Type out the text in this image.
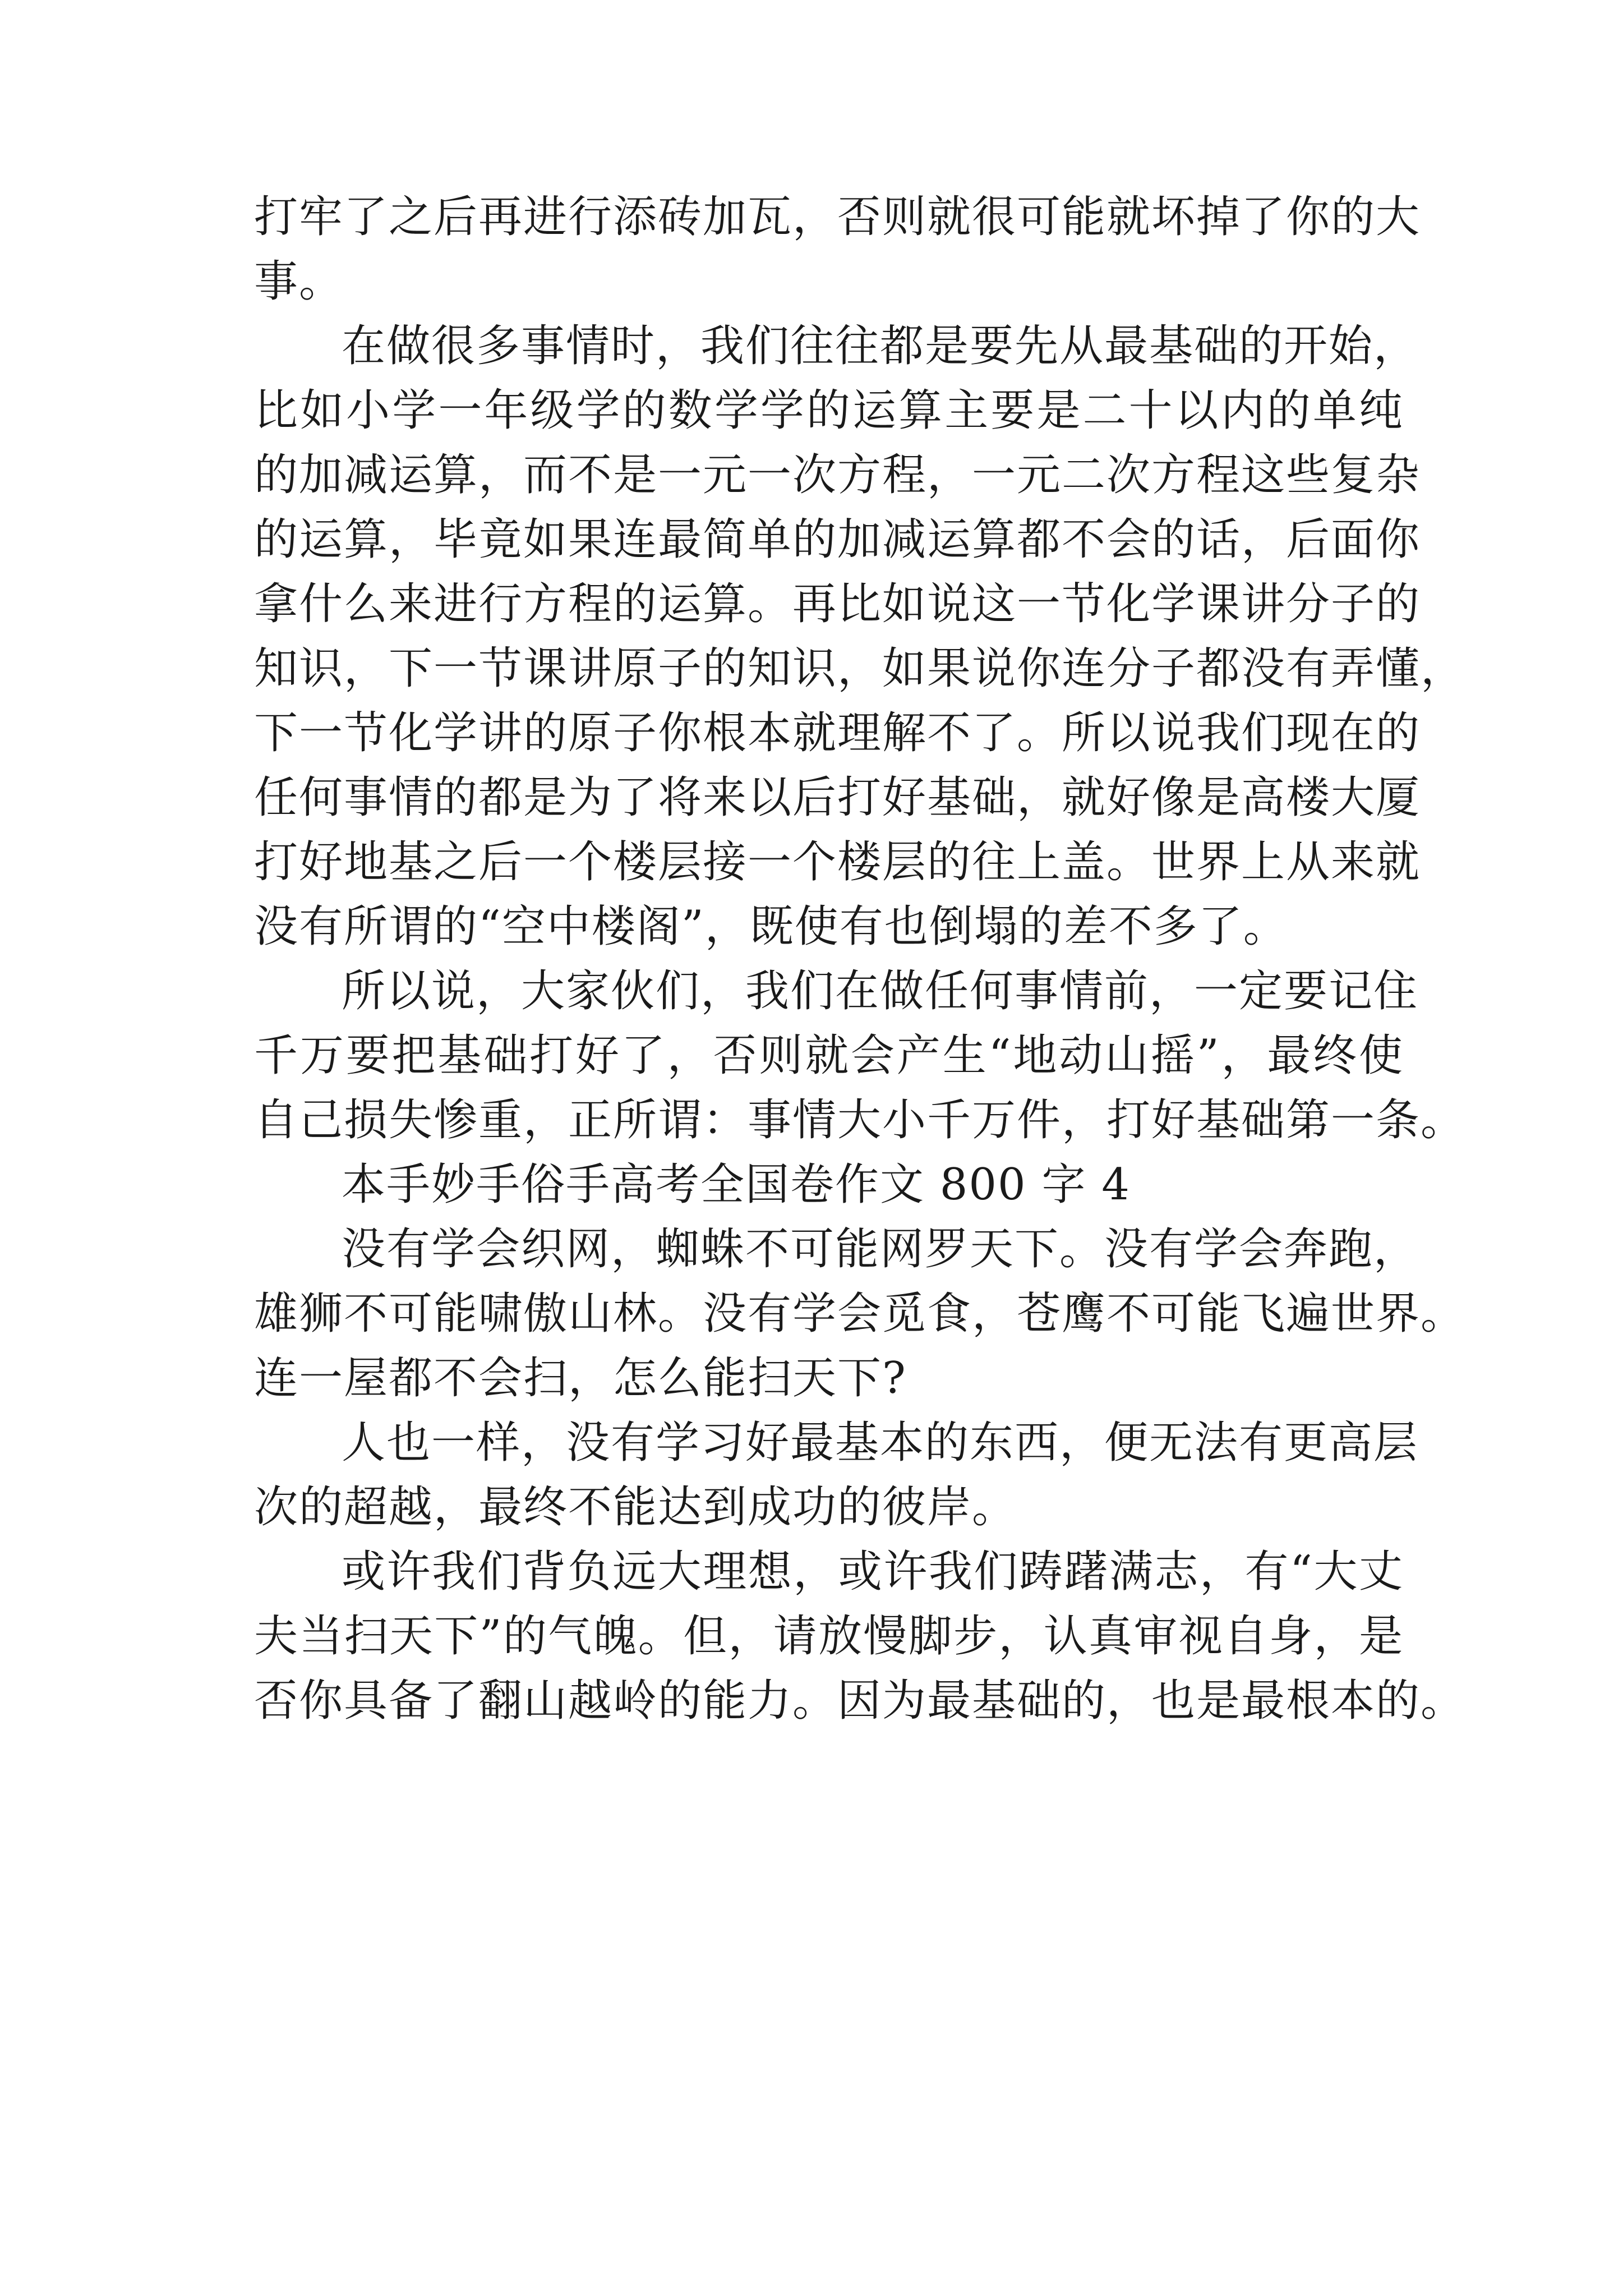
打牢了之后再进行添砖加瓦，否则就很可能就坏掉了你的大
事。
在做很多事情时，我们往往都是要先从最基础的开始，
比如小学一年级学的数学学的运算主要是二十以内的单纯
的加减运算，而不是一元一次方程，一元二次方程这些复杂
的运算，毕竟如果连最简单的加减运算都不会的话，后面你
拿什么来进行方程的运算。再比如说这一节化学课讲分子的
知识，下一节课讲原子的知识，如果说你连分子都没有弄懂，
下一节化学讲的原子你根本就理解不了。所以说我们现在的
任何事情的都是为了将来以后打好基础，就好像是高楼大厦
打好地基之后一个楼层接一个楼层的往上盖。世界上从来就
没有所谓的“空中楼阁”，既使有也倒塌的差不多了。
所以说，大家伙们，我们在做任何事情前，一定要记住
千万要把基础打好了，否则就会产生“地动山摇”，最终使
自己损失惨重，正所谓：事情大小千万件，打好基础第一条。
本手妙手俗手高考全国卷作文 800 字 4
没有学会织网，蜘蛛不可能网罗天下。没有学会奔跑，
雄狮不可能啸傲山林。没有学会觅食，苍鹰不可能飞遍世界。
连一屋都不会扫，怎么能扫天下?
人也一样，没有学习好最基本的东西，便无法有更高层
次的超越，最终不能达到成功的彼岸。
或许我们背负远大理想，或许我们踌躇满志，有“大丈
夫当扫天下”的气魄。但，请放慢脚步，认真审视自身，是
否你具备了翻山越岭的能力。因为最基础的，也是最根本的。
